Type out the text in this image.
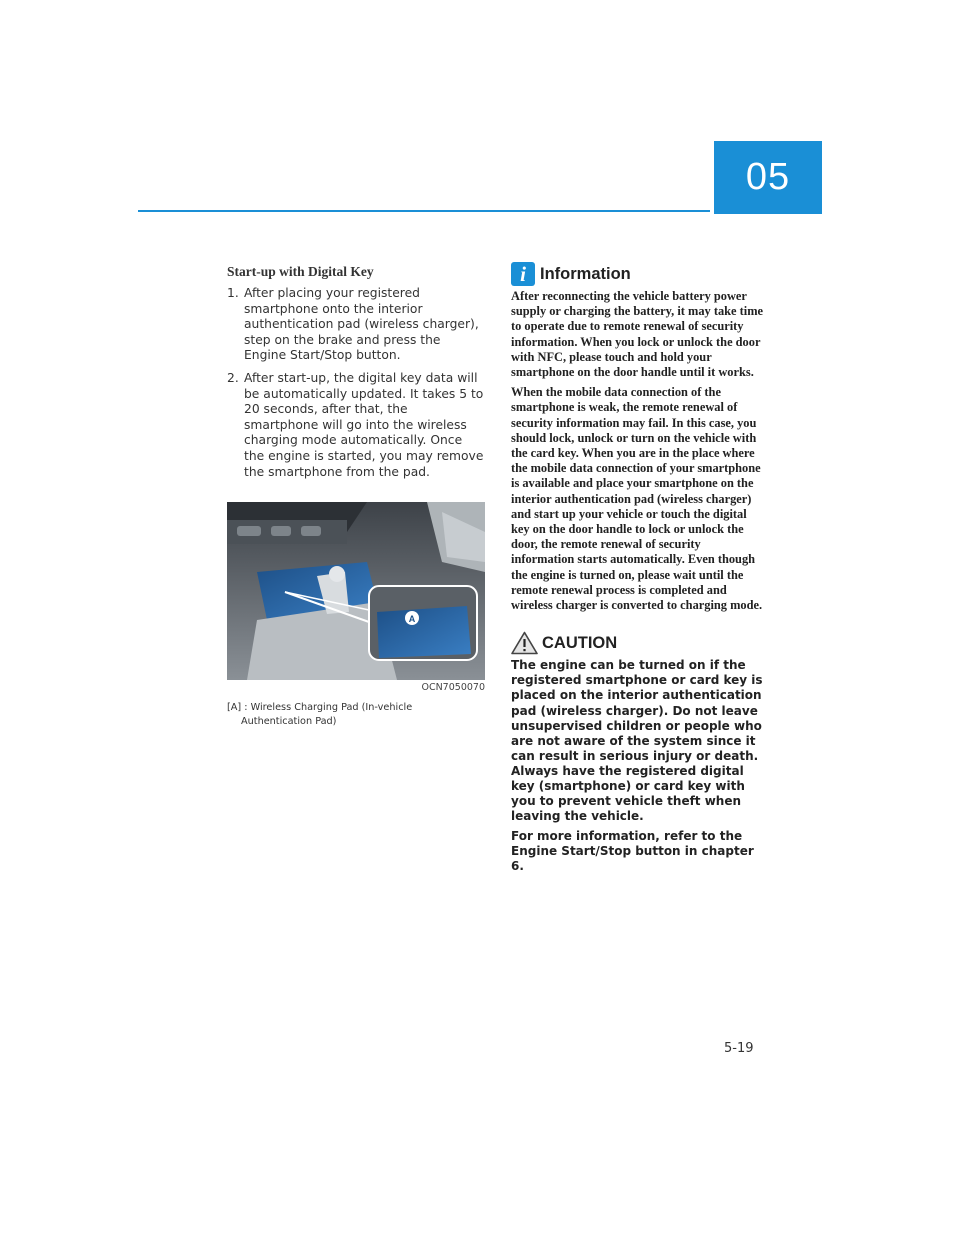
05
Start-up with Digital Key
1. After placing your registered smartphone onto the interior authentication pad (wireless charger), step on the brake and press the Engine Start/Stop button.
2. After start-up, the digital key data will be automatically updated. It takes 5 to 20 seconds, after that, the smartphone will go into the wireless charging mode automatically. Once the engine is started, you may remove the smartphone from the pad.
A
OCN7050070
[A] : Wireless Charging Pad (In-vehicle Authentication Pad)
i Information

After reconnecting the vehicle battery power supply or charging the battery, it may take time to operate due to remote renewal of security information. When you lock or unlock the door with NFC, please touch and hold your smartphone on the door handle until it works.

When the mobile data connection of the smartphone is weak, the remote renewal of security information may fail. In this case, you should lock, unlock or turn on the vehicle with the card key. When you are in the place where the mobile data connection of your smartphone is available and place your smartphone on the interior authentication pad (wireless charger) and start up your vehicle or touch the digital key on the door handle to lock or unlock the door, the remote renewal of security information starts automatically. Even though the engine is turned on, please wait until the remote renewal process is completed and wireless charger is converted to charging mode.

CAUTION

The engine can be turned on if the registered smartphone or card key is placed on the interior authentication pad (wireless charger). Do not leave unsupervised children or people who are not aware of the system since it can result in serious injury or death. Always have the registered digital key (smartphone) or card key with you to prevent vehicle theft when leaving the vehicle.

For more information, refer to the Engine Start/Stop button in chapter 6.

5-19
